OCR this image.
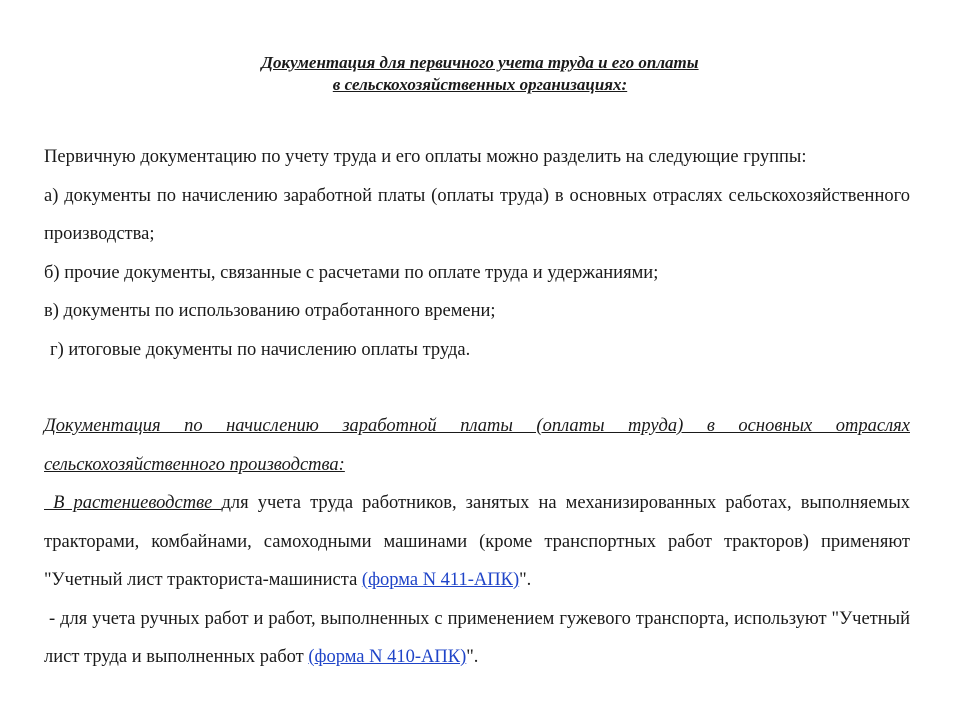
Документация для первичного учета труда и его оплаты
в сельскохозяйственных организациях:

Первичную документацию по учету труда и его оплаты можно разделить на следующие группы:

а) документы по начислению заработной платы (оплаты труда) в основных отраслях сельскохозяйственного производства;

б) прочие документы, связанные с расчетами по оплате труда и удержаниями;

в) документы по использованию отработанного времени;

г) итоговые документы по начислению оплаты труда.

Документация по начислению заработной платы (оплаты труда) в основных отраслях сельскохозяйственного производства:

В растениеводстве для учета труда работников, занятых на механизированных работах, выполняемых тракторами, комбайнами, самоходными машинами (кроме транспортных работ тракторов) применяют "Учетный лист тракториста-машиниста (форма N 411-АПК)".

- для учета ручных работ и работ, выполненных с применением гужевого транспорта, используют "Учетный лист труда и выполненных работ (форма N 410-АПК)".
